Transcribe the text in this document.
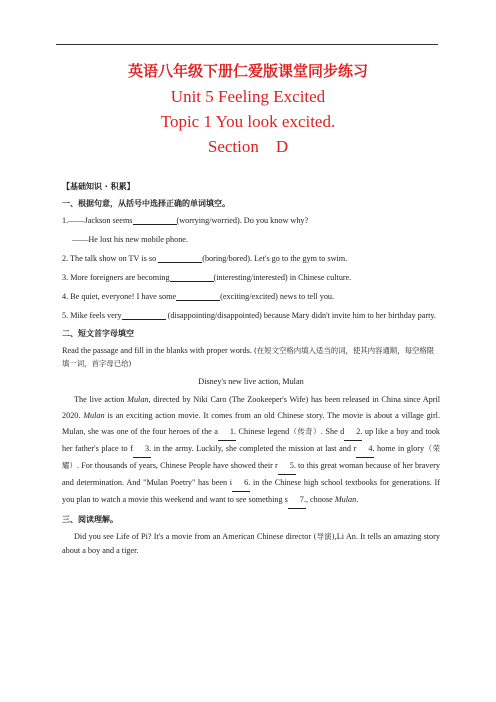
英语八年级下册仁爱版课堂同步练习
Unit 5 Feeling Excited
Topic 1 You look excited.
Section    D
【基础知识 · 积累】
一、根据句意，从括号中选择正确的单词填空。
1.——Jackson seems	(worrying/worried). Do you know why?
——He lost his new mobile phone.
2. The talk show on TV is so	(boring/bored). Let's go to the gym to swim.
3. More foreigners are becoming	(interesting/interested) in Chinese culture.
4. Be quiet, everyone! I have some	(exciting/excited) news to tell you.
5. Mike feels very	(disappointing/disappointed) because Mary didn't invite him to her birthday party.
二、短文首字母填空
Read the passage and fill in the blanks with proper words. (在短文空格内填入适当的词，使其内容通顺，每空格限填一词，首字母已给)
Disney's new live action, Mulan

The live action Mulan, directed by Niki Caro (The Zookeeper's Wife) has been released in China since April 2020. Mulan is an exciting action movie. It comes from an old Chinese story. The movie is about a village girl. Mulan, she was one of the four heroes of the a 1. Chinese legend（传奇）. She d 2. up like a boy and took her father's place to f 3. in the army. Luckily, she completed the mission at last and r 4. home in glory（荣耀）. For thousands of years, Chinese People have showed their r 5. to this great woman because of her bravery and determination. And "Mulan Poetry" has been i 6. in the Chinese high school textbooks for generations. If you plan to watch a movie this weekend and want to see something s 7., choose Mulan.

三、阅读理解。

Did you see Life of Pi? It's a movie from an American Chinese director (导演),Li An. It tells an amazing story about a boy and a tiger.
